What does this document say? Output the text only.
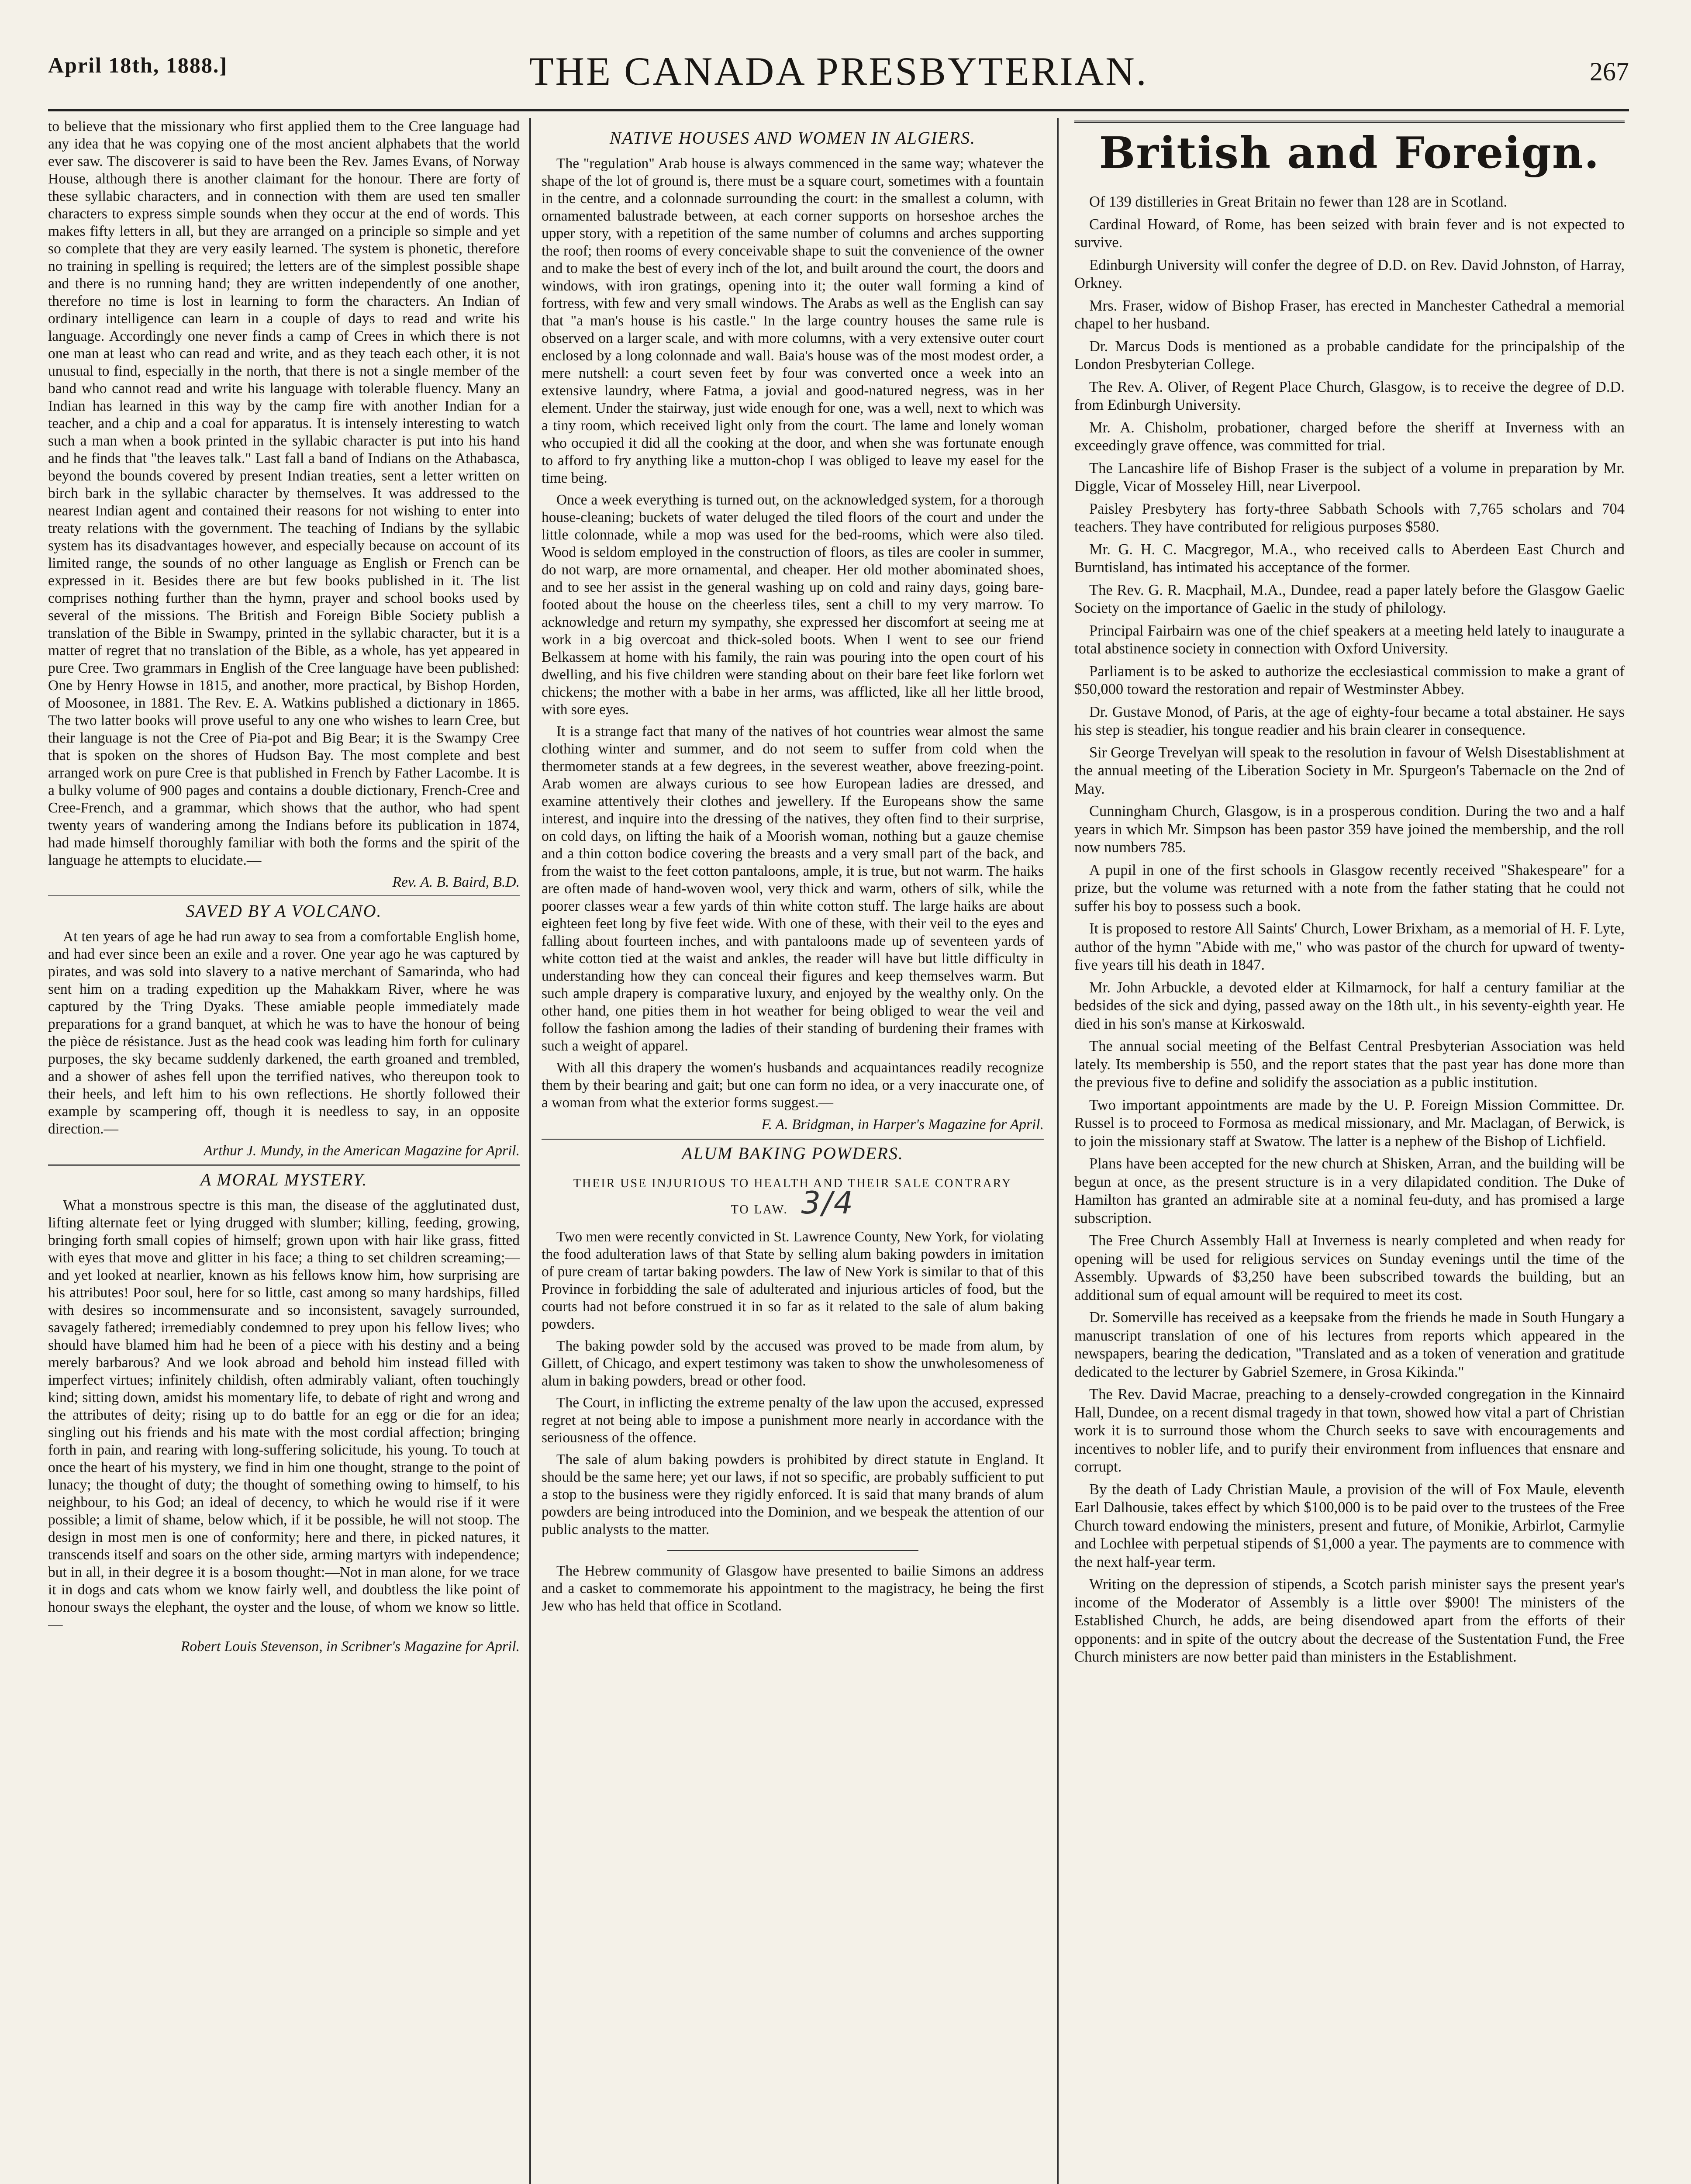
April 18th, 1888.]	THE CANADA PRESBYTERIAN.	267

to believe that the missionary who first applied them to the Cree language had any idea that he was copying one of the most ancient alphabets that the world ever saw. The discoverer is said to have been the Rev. James Evans, of Norway House, although there is another claimant for the honour. There are forty of these syllabic characters, and in connection with them are used ten smaller characters to express simple sounds when they occur at the end of words. This makes fifty letters in all, but they are arranged on a principle so simple and yet so complete that they are very easily learned. The system is phonetic, therefore no training in spelling is required; the letters are of the simplest possible shape and there is no running hand; they are written independently of one another, therefore no time is lost in learning to form the characters. An Indian of ordinary intelligence can learn in a couple of days to read and write his language. Accordingly one never finds a camp of Crees in which there is not one man at least who can read and write, and as they teach each other, it is not unusual to find, especially in the north, that there is not a single member of the band who cannot read and write his language with tolerable fluency. Many an Indian has learned in this way by the camp fire with another Indian for a teacher, and a chip and a coal for apparatus. It is intensely interesting to watch such a man when a book printed in the syllabic character is put into his hand and he finds that "the leaves talk." Last fall a band of Indians on the Athabasca, beyond the bounds covered by present Indian treaties, sent a letter written on birch bark in the syllabic character by themselves. It was addressed to the nearest Indian agent and contained their reasons for not wishing to enter into treaty relations with the government. The teaching of Indians by the syllabic system has its disadvantages however, and especially because on account of its limited range, the sounds of no other language as English or French can be expressed in it. Besides there are but few books published in it. The list comprises nothing further than the hymn, prayer and school books used by several of the missions. The British and Foreign Bible Society publish a translation of the Bible in Swampy, printed in the syllabic character, but it is a matter of regret that no translation of the Bible, as a whole, has yet appeared in pure Cree. Two grammars in English of the Cree language have been published: One by Henry Howse in 1815, and another, more practical, by Bishop Horden, of Moosonee, in 1881. The Rev. E. A. Watkins published a dictionary in 1865. The two latter books will prove useful to any one who wishes to learn Cree, but their language is not the Cree of Pia-pot and Big Bear; it is the Swampy Cree that is spoken on the shores of Hudson Bay. The most complete and best arranged work on pure Cree is that published in French by Father Lacombe. It is a bulky volume of 900 pages and contains a double dictionary, French-Cree and Cree-French, and a grammar, which shows that the author, who had spent twenty years of wandering among the Indians before its publication in 1874, had made himself thoroughly familiar with both the forms and the spirit of the language he attempts to elucidate.—

Rev. A. B. Baird, B.D.

SAVED BY A VOLCANO.

At ten years of age he had run away to sea from a comfortable English home, and had ever since been an exile and a rover. One year ago he was captured by pirates, and was sold into slavery to a native merchant of Samarinda, who had sent him on a trading expedition up the Mahakkam River, where he was captured by the Tring Dyaks. These amiable people immediately made preparations for a grand banquet, at which he was to have the honour of being the pièce de résistance. Just as the head cook was leading him forth for culinary purposes, the sky became suddenly darkened, the earth groaned and trembled, and a shower of ashes fell upon the terrified natives, who thereupon took to their heels, and left him to his own reflections. He shortly followed their example by scampering off, though it is needless to say, in an opposite direction.—

Arthur J. Mundy, in the American Magazine for April.

A MORAL MYSTERY.

What a monstrous spectre is this man, the disease of the agglutinated dust, lifting alternate feet or lying drugged with slumber; killing, feeding, growing, bringing forth small copies of himself; grown upon with hair like grass, fitted with eyes that move and glitter in his face; a thing to set children screaming;—and yet looked at nearlier, known as his fellows know him, how surprising are his attributes! Poor soul, here for so little, cast among so many hardships, filled with desires so incommensurate and so inconsistent, savagely surrounded, savagely fathered; irremediably condemned to prey upon his fellow lives; who should have blamed him had he been of a piece with his destiny and a being merely barbarous? And we look abroad and behold him instead filled with imperfect virtues; infinitely childish, often admirably valiant, often touchingly kind; sitting down, amidst his momentary life, to debate of right and wrong and the attributes of deity; rising up to do battle for an egg or die for an idea; singling out his friends and his mate with the most cordial affection; bringing forth in pain, and rearing with long-suffering solicitude, his young. To touch at once the heart of his mystery, we find in him one thought, strange to the point of lunacy; the thought of duty; the thought of something owing to himself, to his neighbour, to his God; an ideal of decency, to which he would rise if it were possible; a limit of shame, below which, if it be possible, he will not stoop. The design in most men is one of conformity; here and there, in picked natures, it transcends itself and soars on the other side, arming martyrs with independence; but in all, in their degree it is a bosom thought:—Not in man alone, for we trace it in dogs and cats whom we know fairly well, and doubtless the like point of honour sways the elephant, the oyster and the louse, of whom we know so little.—

Robert Louis Stevenson, in Scribner's Magazine for April.

NATIVE HOUSES AND WOMEN IN ALGIERS.

The "regulation" Arab house is always commenced in the same way; whatever the shape of the lot of ground is, there must be a square court, sometimes with a fountain in the centre, and a colonnade surrounding the court: in the smallest a column, with ornamented balustrade between, at each corner supports on horseshoe arches the upper story, with a repetition of the same number of columns and arches supporting the roof; then rooms of every conceivable shape to suit the convenience of the owner and to make the best of every inch of the lot, and built around the court, the doors and windows, with iron gratings, opening into it; the outer wall forming a kind of fortress, with few and very small windows. The Arabs as well as the English can say that "a man's house is his castle." In the large country houses the same rule is observed on a larger scale, and with more columns, with a very extensive outer court enclosed by a long colonnade and wall. Baia's house was of the most modest order, a mere nutshell: a court seven feet by four was converted once a week into an extensive laundry, where Fatma, a jovial and good-natured negress, was in her element. Under the stairway, just wide enough for one, was a well, next to which was a tiny room, which received light only from the court. The lame and lonely woman who occupied it did all the cooking at the door, and when she was fortunate enough to afford to fry anything like a mutton-chop I was obliged to leave my easel for the time being.

Once a week everything is turned out, on the acknowledged system, for a thorough house-cleaning; buckets of water deluged the tiled floors of the court and under the little colonnade, while a mop was used for the bed-rooms, which were also tiled. Wood is seldom employed in the construction of floors, as tiles are cooler in summer, do not warp, are more ornamental, and cheaper. Her old mother abominated shoes, and to see her assist in the general washing up on cold and rainy days, going bare-footed about the house on the cheerless tiles, sent a chill to my very marrow. To acknowledge and return my sympathy, she expressed her discomfort at seeing me at work in a big overcoat and thick-soled boots. When I went to see our friend Belkassem at home with his family, the rain was pouring into the open court of his dwelling, and his five children were standing about on their bare feet like forlorn wet chickens; the mother with a babe in her arms, was afflicted, like all her little brood, with sore eyes.

It is a strange fact that many of the natives of hot countries wear almost the same clothing winter and summer, and do not seem to suffer from cold when the thermometer stands at a few degrees, in the severest weather, above freezing-point. Arab women are always curious to see how European ladies are dressed, and examine attentively their clothes and jewellery. If the Europeans show the same interest, and inquire into the dressing of the natives, they often find to their surprise, on cold days, on lifting the haik of a Moorish woman, nothing but a gauze chemise and a thin cotton bodice covering the breasts and a very small part of the back, and from the waist to the feet cotton pantaloons, ample, it is true, but not warm. The haiks are often made of hand-woven wool, very thick and warm, others of silk, while the poorer classes wear a few yards of thin white cotton stuff. The large haiks are about eighteen feet long by five feet wide. With one of these, with their veil to the eyes and falling about fourteen inches, and with pantaloons made up of seventeen yards of white cotton tied at the waist and ankles, the reader will have but little difficulty in understanding how they can conceal their figures and keep themselves warm. But such ample drapery is comparative luxury, and enjoyed by the wealthy only. On the other hand, one pities them in hot weather for being obliged to wear the veil and follow the fashion among the ladies of their standing of burdening their frames with such a weight of apparel.

With all this drapery the women's husbands and acquaintances readily recognize them by their bearing and gait; but one can form no idea, or a very inaccurate one, of a woman from what the exterior forms suggest.—

F. A. Bridgman, in Harper's Magazine for April.

ALUM BAKING POWDERS.
THEIR USE INJURIOUS TO HEALTH AND THEIR SALE CONTRARY TO LAW. 3/4

Two men were recently convicted in St. Lawrence County, New York, for violating the food adulteration laws of that State by selling alum baking powders in imitation of pure cream of tartar baking powders. The law of New York is similar to that of this Province in forbidding the sale of adulterated and injurious articles of food, but the courts had not before construed it in so far as it related to the sale of alum baking powders.

The baking powder sold by the accused was proved to be made from alum, by Gillett, of Chicago, and expert testimony was taken to show the unwholesomeness of alum in baking powders, bread or other food.

The Court, in inflicting the extreme penalty of the law upon the accused, expressed regret at not being able to impose a punishment more nearly in accordance with the seriousness of the offence.

The sale of alum baking powders is prohibited by direct statute in England. It should be the same here; yet our laws, if not so specific, are probably sufficient to put a stop to the business were they rigidly enforced. It is said that many brands of alum powders are being introduced into the Dominion, and we bespeak the attention of our public analysts to the matter.

The Hebrew community of Glasgow have presented to bailie Simons an address and a casket to commemorate his appointment to the magistracy, he being the first Jew who has held that office in Scotland.

British and Foreign.

Of 139 distilleries in Great Britain no fewer than 128 are in Scotland.

Cardinal Howard, of Rome, has been seized with brain fever and is not expected to survive.

Edinburgh University will confer the degree of D.D. on Rev. David Johnston, of Harray, Orkney.

Mrs. Fraser, widow of Bishop Fraser, has erected in Manchester Cathedral a memorial chapel to her husband.

Dr. Marcus Dods is mentioned as a probable candidate for the principalship of the London Presbyterian College.

The Rev. A. Oliver, of Regent Place Church, Glasgow, is to receive the degree of D.D. from Edinburgh University.

Mr. A. Chisholm, probationer, charged before the sheriff at Inverness with an exceedingly grave offence, was committed for trial.

The Lancashire life of Bishop Fraser is the subject of a volume in preparation by Mr. Diggle, Vicar of Mosseley Hill, near Liverpool.

Paisley Presbytery has forty-three Sabbath Schools with 7,765 scholars and 704 teachers. They have contributed for religious purposes $580.

Mr. G. H. C. Macgregor, M.A., who received calls to Aberdeen East Church and Burntisland, has intimated his acceptance of the former.

The Rev. G. R. Macphail, M.A., Dundee, read a paper lately before the Glasgow Gaelic Society on the importance of Gaelic in the study of philology.

Principal Fairbairn was one of the chief speakers at a meeting held lately to inaugurate a total abstinence society in connection with Oxford University.

Parliament is to be asked to authorize the ecclesiastical commission to make a grant of $50,000 toward the restoration and repair of Westminster Abbey.

Dr. Gustave Monod, of Paris, at the age of eighty-four became a total abstainer. He says his step is steadier, his tongue readier and his brain clearer in consequence.

Sir George Trevelyan will speak to the resolution in favour of Welsh Disestablishment at the annual meeting of the Liberation Society in Mr. Spurgeon's Tabernacle on the 2nd of May.

Cunningham Church, Glasgow, is in a prosperous condition. During the two and a half years in which Mr. Simpson has been pastor 359 have joined the membership, and the roll now numbers 785.

A pupil in one of the first schools in Glasgow recently received "Shakespeare" for a prize, but the volume was returned with a note from the father stating that he could not suffer his boy to possess such a book.

It is proposed to restore All Saints' Church, Lower Brixham, as a memorial of H. F. Lyte, author of the hymn "Abide with me," who was pastor of the church for upward of twenty-five years till his death in 1847.

Mr. John Arbuckle, a devoted elder at Kilmarnock, for half a century familiar at the bedsides of the sick and dying, passed away on the 18th ult., in his seventy-eighth year. He died in his son's manse at Kirkoswald.

The annual social meeting of the Belfast Central Presbyterian Association was held lately. Its membership is 550, and the report states that the past year has done more than the previous five to define and solidify the association as a public institution.

Two important appointments are made by the U. P. Foreign Mission Committee. Dr. Russel is to proceed to Formosa as medical missionary, and Mr. Maclagan, of Berwick, is to join the missionary staff at Swatow. The latter is a nephew of the Bishop of Lichfield.

Plans have been accepted for the new church at Shisken, Arran, and the building will be begun at once, as the present structure is in a very dilapidated condition. The Duke of Hamilton has granted an admirable site at a nominal feu-duty, and has promised a large subscription.

The Free Church Assembly Hall at Inverness is nearly completed and when ready for opening will be used for religious services on Sunday evenings until the time of the Assembly. Upwards of $3,250 have been subscribed towards the building, but an additional sum of equal amount will be required to meet its cost.

Dr. Somerville has received as a keepsake from the friends he made in South Hungary a manuscript translation of one of his lectures from reports which appeared in the newspapers, bearing the dedication, "Translated and as a token of veneration and gratitude dedicated to the lecturer by Gabriel Szemere, in Grosa Kikinda."

The Rev. David Macrae, preaching to a densely-crowded congregation in the Kinnaird Hall, Dundee, on a recent dismal tragedy in that town, showed how vital a part of Christian work it is to surround those whom the Church seeks to save with encouragements and incentives to nobler life, and to purify their environment from influences that ensnare and corrupt.

By the death of Lady Christian Maule, a provision of the will of Fox Maule, eleventh Earl Dalhousie, takes effect by which $100,000 is to be paid over to the trustees of the Free Church toward endowing the ministers, present and future, of Monikie, Arbirlot, Carmylie and Lochlee with perpetual stipends of $1,000 a year. The payments are to commence with the next half-year term.

Writing on the depression of stipends, a Scotch parish minister says the present year's income of the Moderator of Assembly is a little over $900! The ministers of the Established Church, he adds, are being disendowed apart from the efforts of their opponents: and in spite of the outcry about the decrease of the Sustentation Fund, the Free Church ministers are now better paid than ministers in the Establishment.
